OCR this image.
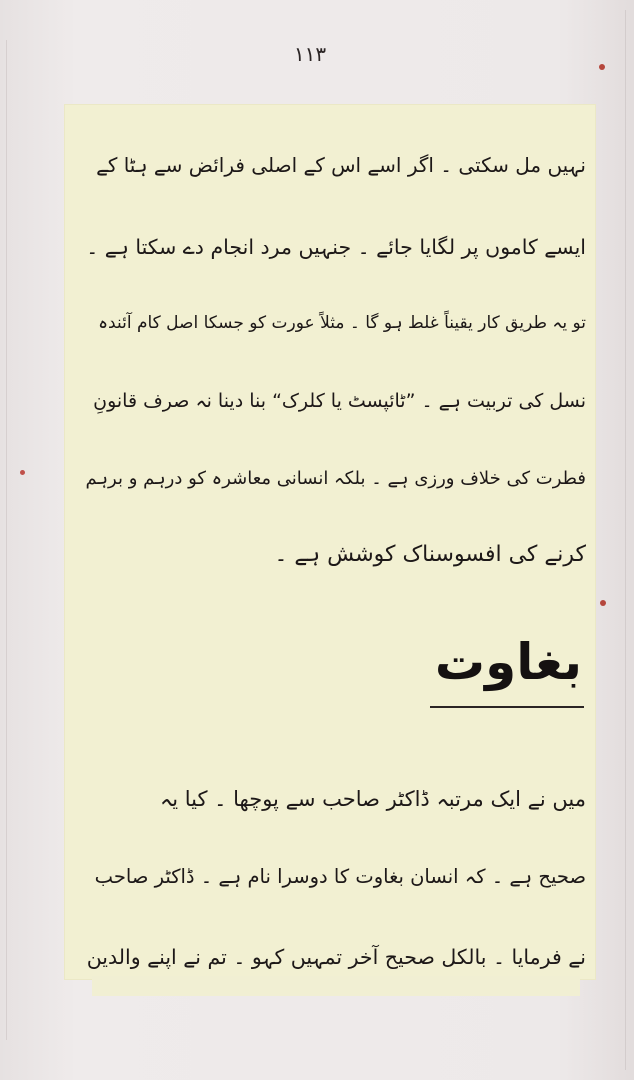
۱۱۳
نہیں مل سکتی ۔ اگر اسے اس کے اصلی فرائض سے ہٹا کے
ایسے کاموں پر لگایا جائے ۔ جنہیں مرد انجام دے سکتا ہے ۔
تو یہ طریق کار یقیناً غلط ہو گا ۔ مثلاً عورت کو جسکا اصل کام آئندہ
نسل کی تربیت ہے ۔ ”ٹائپسٹ یا کلرک“ بنا دینا نہ صرف قانونِ
فطرت کی خلاف ورزی ہے ۔ بلکہ انسانی معاشرہ کو درہم و برہم
کرنے کی افسوسناک کوشش ہے ۔
بغاوت
میں نے ایک مرتبہ ڈاکٹر صاحب سے پوچھا ۔ کیا یہ
صحیح ہے ۔ کہ انسان بغاوت کا دوسرا نام ہے ۔ ڈاکٹر صاحب
نے فرمایا ۔ بالکل صحیح آخر تمہیں کہو ۔ تم نے اپنے والدین
